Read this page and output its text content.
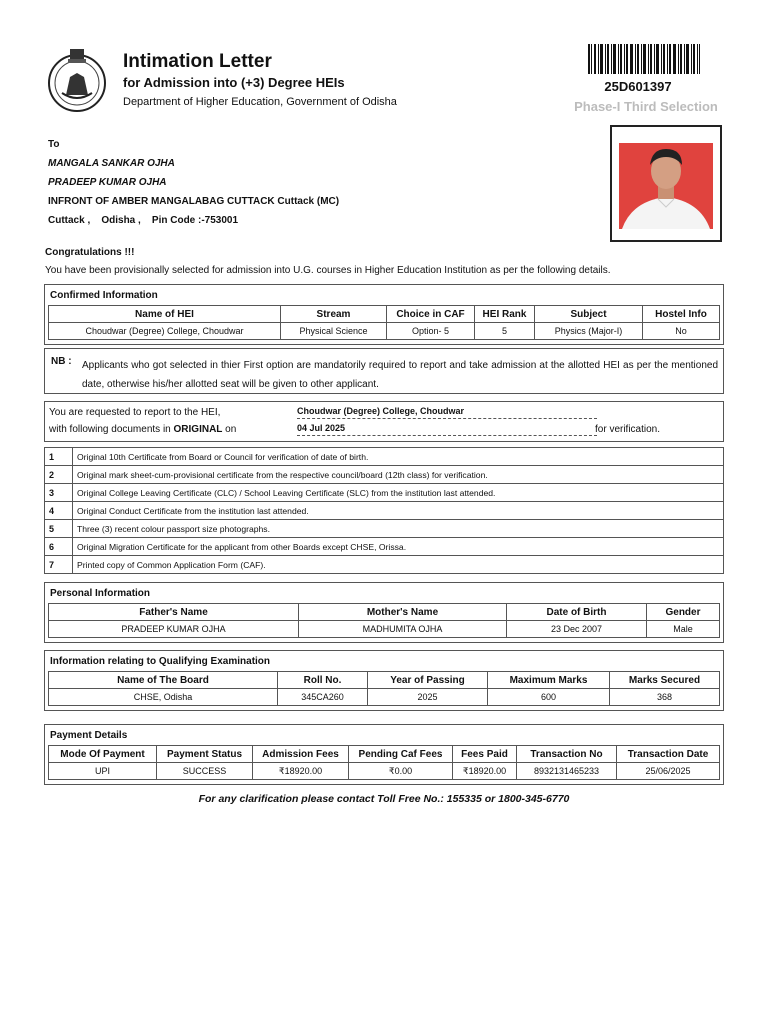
Intimation Letter
for Admission into (+3) Degree HEIs
Department of Higher Education, Government of Odisha
25D601397
Phase-I Third Selection
To
MANGALA SANKAR OJHA
PRADEEP KUMAR OJHA
INFRONT OF AMBER MANGALABAG CUTTACK Cuttack (MC)
Cuttack ,    Odisha ,    Pin Code :-753001
Congratulations !!!
You have been provisionally selected for admission into U.G. courses in Higher Education Institution as per the following details.
Confirmed Information
Name of HEI	Stream	Choice in CAF	HEI Rank	Subject	Hostel Info
Choudwar (Degree) College, Choudwar	Physical Science	Option- 5	5	Physics (Major-I)	No
NB : Applicants who got selected in thier First option are mandatorily required to report and take admission at the allotted HEI as per the mentioned date, otherwise his/her allotted seat will be given to other applicant.
You are requested to report to the HEI,
with following documents in ORIGINAL on
Choudwar (Degree) College, Choudwar
04 Jul 2025	for verification.
1	Original 10th Certificate from Board or Council for verification of date of birth.
2	Original mark sheet-cum-provisional certificate from the respective council/board (12th class) for verification.
3	Original College Leaving Certificate (CLC) / School Leaving Certificate (SLC) from the institution last attended.
4	Original Conduct Certificate from the institution last attended.
5	Three (3) recent colour passport size photographs.
6	Original Migration Certificate for the applicant from other Boards except CHSE, Orissa.
7	Printed copy of Common Application Form (CAF).
Personal Information
Father's Name	Mother's Name	Date of Birth	Gender
PRADEEP KUMAR OJHA	MADHUMITA OJHA	23 Dec 2007	Male
Information relating to Qualifying Examination
Name of The Board	Roll No.	Year of Passing	Maximum Marks	Marks Secured
CHSE, Odisha	345CA260	2025	600	368
Payment Details
Mode Of Payment	Payment Status	Admission Fees	Pending Caf Fees	Fees Paid	Transaction No	Transaction Date
UPI	SUCCESS	₹18920.00	₹0.00	₹18920.00	8932131465233	25/06/2025
For any clarification please contact Toll Free No.: 155335 or 1800-345-6770
